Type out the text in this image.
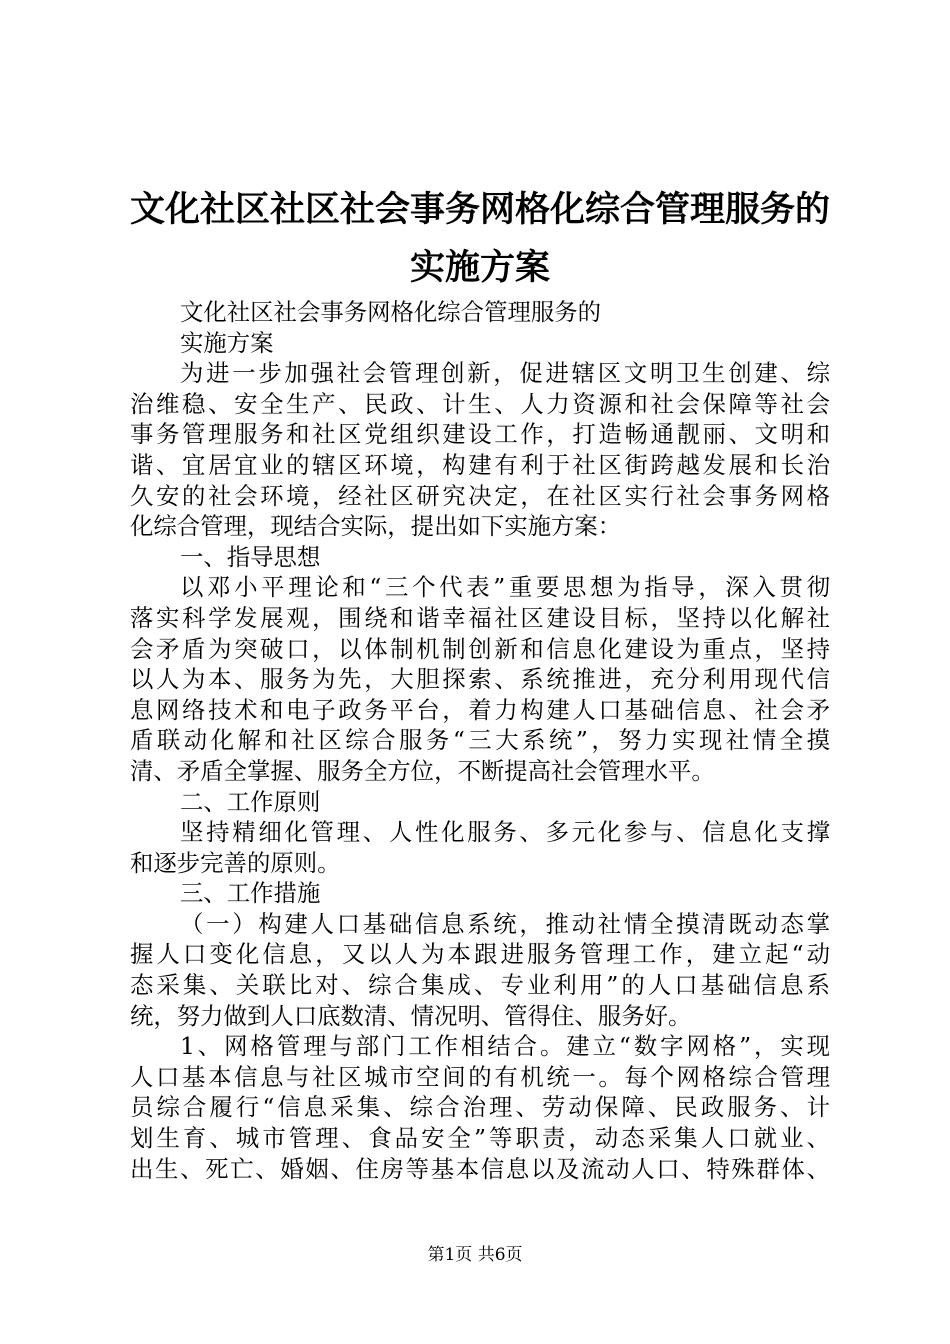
文化社区社区社会事务网格化综合管理服务的
实施方案
文化社区社会事务网格化综合管理服务的
实施方案
为进一步加强社会管理创新，促进辖区文明卫生创建、综
治维稳、安全生产、民政、计生、人力资源和社会保障等社会
事务管理服务和社区党组织建设工作，打造畅通靓丽、文明和
谐、宜居宜业的辖区环境，构建有利于社区街跨越发展和长治
久安的社会环境，经社区研究决定，在社区实行社会事务网格
化综合管理，现结合实际，提出如下实施方案：
一、指导思想
以邓小平理论和“三个代表”重要思想为指导，深入贯彻
落实科学发展观，围绕和谐幸福社区建设目标，坚持以化解社
会矛盾为突破口，以体制机制创新和信息化建设为重点，坚持
以人为本、服务为先，大胆探索、系统推进，充分利用现代信
息网络技术和电子政务平台，着力构建人口基础信息、社会矛
盾联动化解和社区综合服务“三大系统”，努力实现社情全摸
清、矛盾全掌握、服务全方位，不断提高社会管理水平。
二、工作原则
坚持精细化管理、人性化服务、多元化参与、信息化支撑
和逐步完善的原则。
三、工作措施
（一）构建人口基础信息系统，推动社情全摸清既动态掌
握人口变化信息，又以人为本跟进服务管理工作，建立起“动
态采集、关联比对、综合集成、专业利用”的人口基础信息系
统，努力做到人口底数清、情况明、管得住、服务好。
1、网格管理与部门工作相结合。建立“数字网格”，实现
人口基本信息与社区城市空间的有机统一。每个网格综合管理
员综合履行“信息采集、综合治理、劳动保障、民政服务、计
划生育、城市管理、食品安全”等职责，动态采集人口就业、
出生、死亡、婚姻、住房等基本信息以及流动人口、特殊群体、
第1页 共6页
